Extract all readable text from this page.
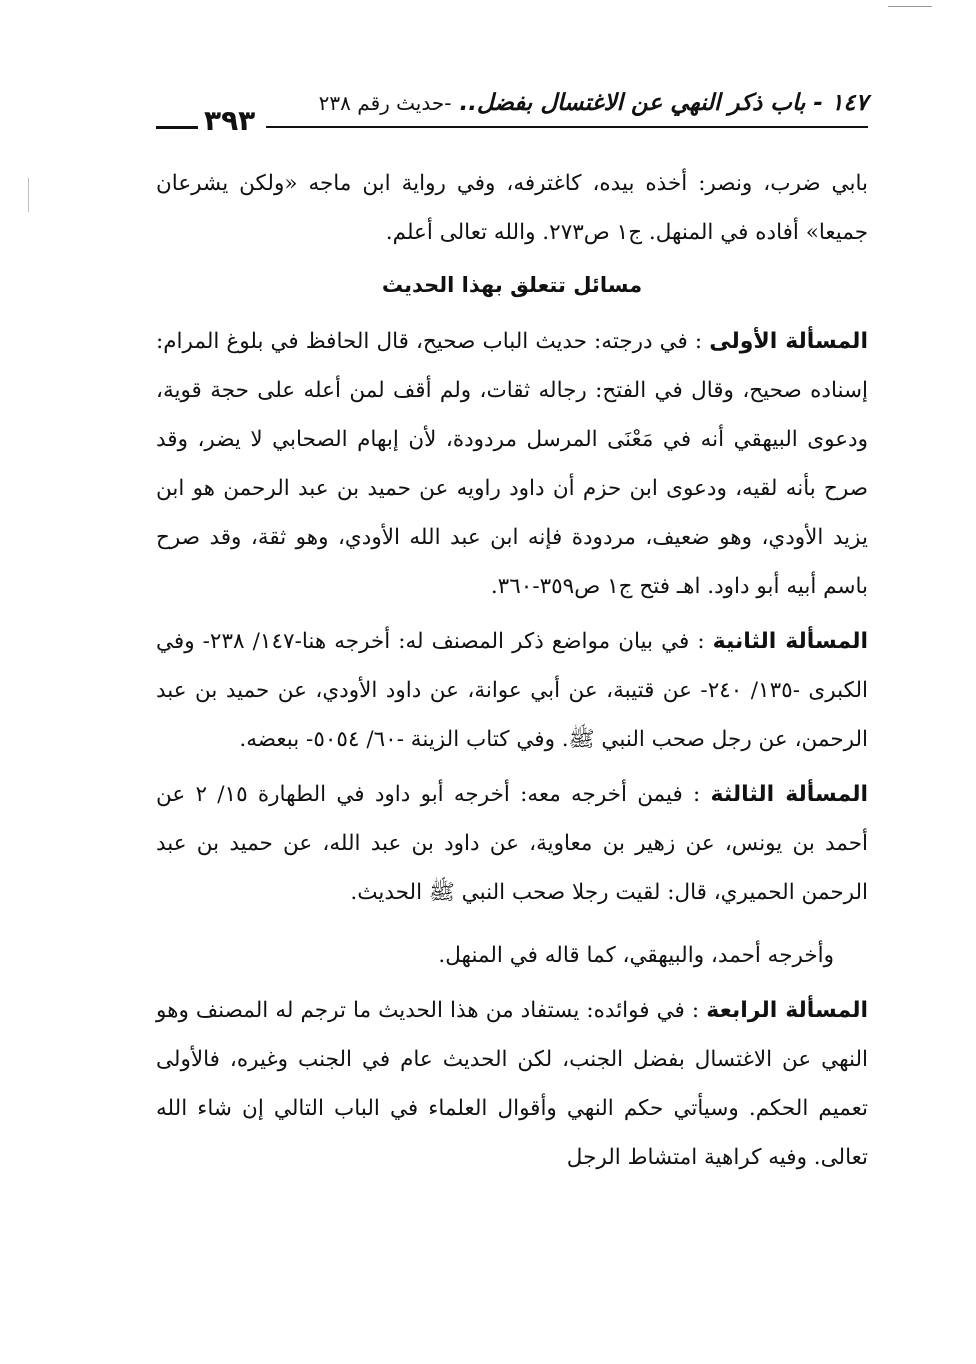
١٤٧ - باب ذكر النهي عن الاغتسال بفضل.. -حديث رقم ٢٣٨
٣٩٣

بابي ضرب، ونصر: أخذه بيده، كاغترفه، وفي رواية ابن ماجه «ولكن يشرعان جميعا» أفاده في المنهل. ج١ ص٢٧٣. والله تعالى أعلم.

مسائل تتعلق بهذا الحديث

المسألة الأولى : في درجته: حديث الباب صحيح، قال الحافظ في بلوغ المرام: إسناده صحيح، وقال في الفتح: رجاله ثقات، ولم أقف لمن أعله على حجة قوية، ودعوى البيهقي أنه في مَعْنَى المرسل مردودة، لأن إبهام الصحابي لا يضر، وقد صرح بأنه لقيه، ودعوى ابن حزم أن داود راويه عن حميد بن عبد الرحمن هو ابن يزيد الأودي، وهو ضعيف، مردودة فإنه ابن عبد الله الأودي، وهو ثقة، وقد صرح باسم أبيه أبو داود. اهـ فتح ج١ ص٣٥٩-٣٦٠.

المسألة الثانية : في بيان مواضع ذكر المصنف له: أخرجه هنا-١٤٧/ ٢٣٨- وفي الكبرى -١٣٥/ ٢٤٠- عن قتيبة، عن أبي عوانة، عن داود الأودي، عن حميد بن عبد الرحمن، عن رجل صحب النبي ﷺ. وفي كتاب الزينة -٦٠/ ٥٠٥٤- ببعضه.

المسألة الثالثة : فيمن أخرجه معه: أخرجه أبو داود في الطهارة ١٥/ ٢ عن أحمد بن يونس، عن زهير بن معاوية، عن داود بن عبد الله، عن حميد بن عبد الرحمن الحميري، قال: لقيت رجلا صحب النبي ﷺ الحديث.

وأخرجه أحمد، والبيهقي، كما قاله في المنهل.

المسألة الرابعة : في فوائده: يستفاد من هذا الحديث ما ترجم له المصنف وهو النهي عن الاغتسال بفضل الجنب، لكن الحديث عام في الجنب وغيره، فالأولى تعميم الحكم. وسيأتي حكم النهي وأقوال العلماء في الباب التالي إن شاء الله تعالى. وفيه كراهية امتشاط الرجل
